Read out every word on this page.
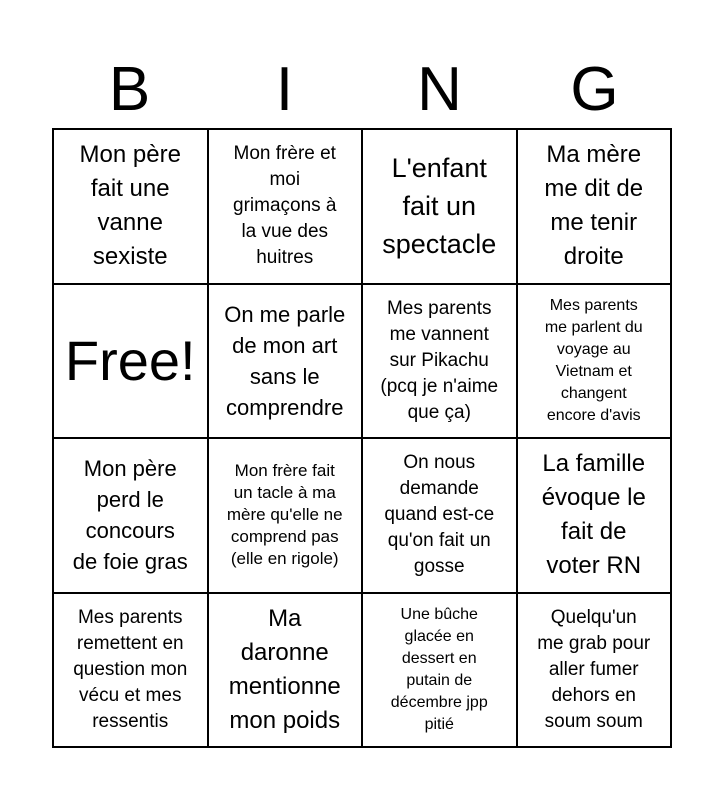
B	I	N	G
Mon père
fait une
vanne
sexiste
Mon frère et
moi
grimaçons à
la vue des
huitres
L'enfant
fait un
spectacle
Ma mère
me dit de
me tenir
droite
Free!
On me parle
de mon art
sans le
comprendre
Mes parents
me vannent
sur Pikachu
(pcq je n'aime
que ça)
Mes parents
me parlent du
voyage au
Vietnam et
changent
encore d'avis
Mon père
perd le
concours
de foie gras
Mon frère fait
un tacle à ma
mère qu'elle ne
comprend pas
(elle en rigole)
On nous
demande
quand est-ce
qu'on fait un
gosse
La famille
évoque le
fait de
voter RN
Mes parents
remettent en
question mon
vécu et mes
ressentis
Ma
daronne
mentionne
mon poids
Une bûche
glacée en
dessert en
putain de
décembre jpp
pitié
Quelqu'un
me grab pour
aller fumer
dehors en
soum soum
